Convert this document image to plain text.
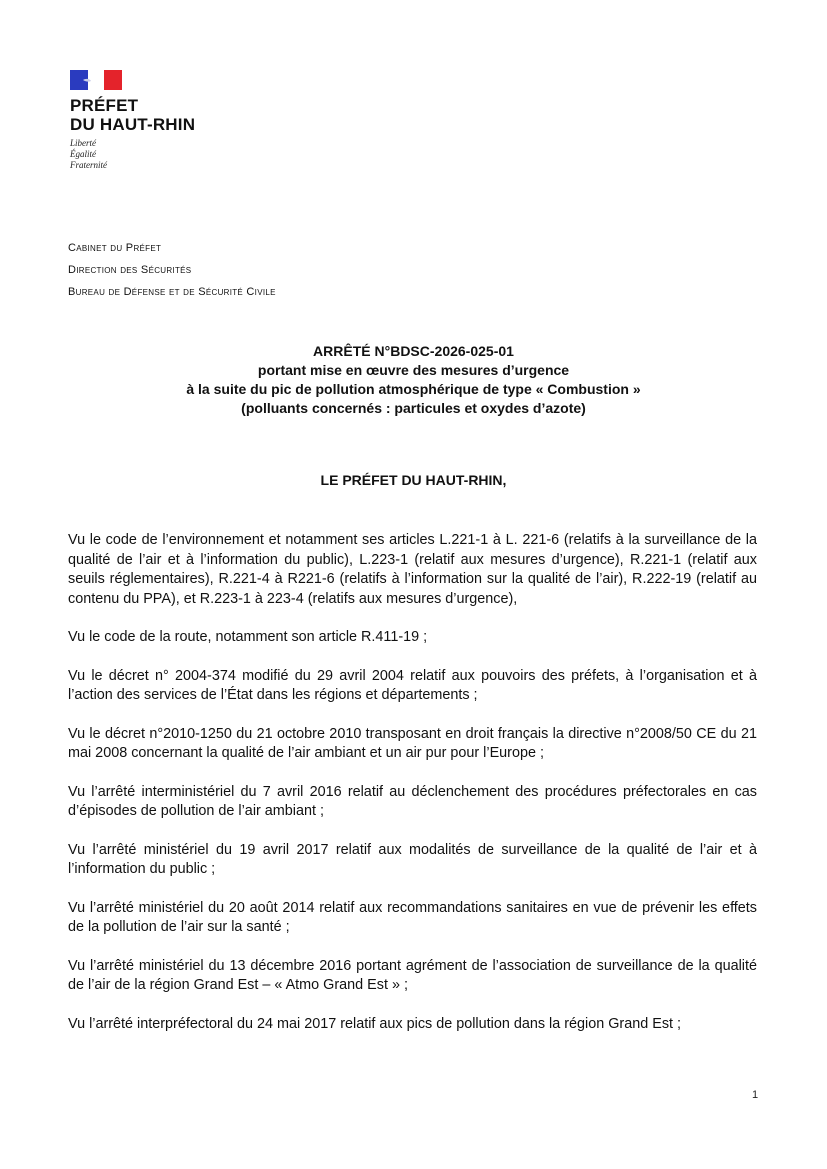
PRÉFET
DU HAUT-RHIN
Liberté
Égalité
Fraternité
Cabinet du Préfet
Direction des Sécurités
Bureau de Défense et de Sécurité Civile
ARRÊTÉ N°BDSC-2026-025-01
portant mise en œuvre des mesures d’urgence
à la suite du pic de pollution atmosphérique de type « Combustion »
(polluants concernés : particules et oxydes d’azote)
LE PRÉFET DU HAUT-RHIN,

Vu le code de l’environnement et notamment ses articles L.221-1 à L. 221-6 (relatifs à la surveillance de la qualité de l’air et à l’information du public), L.223-1 (relatif aux mesures d’urgence), R.221-1 (relatif aux seuils réglementaires), R.221-4 à R221-6 (relatifs à l’information sur la qualité de l’air), R.222-19 (relatif au contenu du PPA), et R.223-1 à 223-4 (relatifs aux mesures d’urgence),

Vu le code de la route, notamment son article R.411-19 ;

Vu le décret n° 2004-374 modifié du 29 avril 2004 relatif aux pouvoirs des préfets, à l’organisation et à l’action des services de l’État dans les régions et départements ;

Vu le décret n°2010-1250 du 21 octobre 2010 transposant en droit français la directive n°2008/50 CE du 21 mai 2008 concernant la qualité de l’air ambiant et un air pur pour l’Europe ;

Vu l’arrêté interministériel du 7 avril 2016 relatif au déclenchement des procédures préfectorales en cas d’épisodes de pollution de l’air ambiant ;

Vu l’arrêté ministériel du 19 avril 2017 relatif aux modalités de surveillance de la qualité de l’air et à l’information du public ;

Vu l’arrêté ministériel du 20 août 2014 relatif aux recommandations sanitaires en vue de prévenir les effets de la pollution de l’air sur la santé ;

Vu l’arrêté ministériel du 13 décembre 2016 portant agrément de l’association de surveillance de la qualité de l’air de la région Grand Est – « Atmo Grand Est » ;

Vu l’arrêté interpréfectoral du 24 mai 2017 relatif aux pics de pollution dans la région Grand Est ;

1
